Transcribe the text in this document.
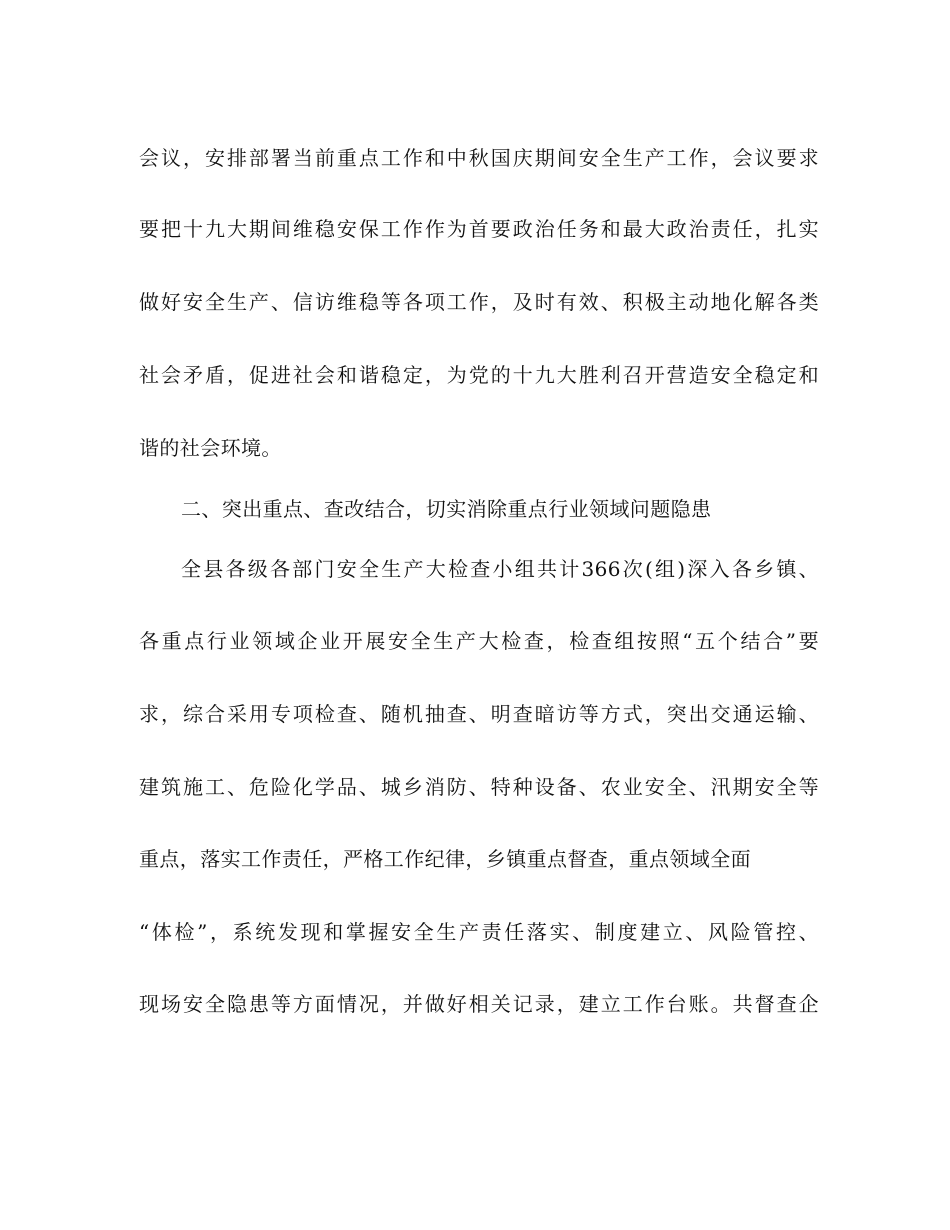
会议，安排部署当前重点工作和中秋国庆期间安全生产工作，会议要求
要把十九大期间维稳安保工作作为首要政治任务和最大政治责任，扎实
做好安全生产、信访维稳等各项工作，及时有效、积极主动地化解各类
社会矛盾，促进社会和谐稳定，为党的十九大胜利召开营造安全稳定和
谐的社会环境。
二、突出重点、查改结合，切实消除重点行业领域问题隐患
全县各级各部门安全生产大检查小组共计366次(组)深入各乡镇、
各重点行业领域企业开展安全生产大检查，检查组按照“五个结合”要
求，综合采用专项检查、随机抽查、明查暗访等方式，突出交通运输、
建筑施工、危险化学品、城乡消防、特种设备、农业安全、汛期安全等
重点，落实工作责任，严格工作纪律，乡镇重点督查，重点领域全面
“体检”，系统发现和掌握安全生产责任落实、制度建立、风险管控、
现场安全隐患等方面情况，并做好相关记录，建立工作台账。共督查企
